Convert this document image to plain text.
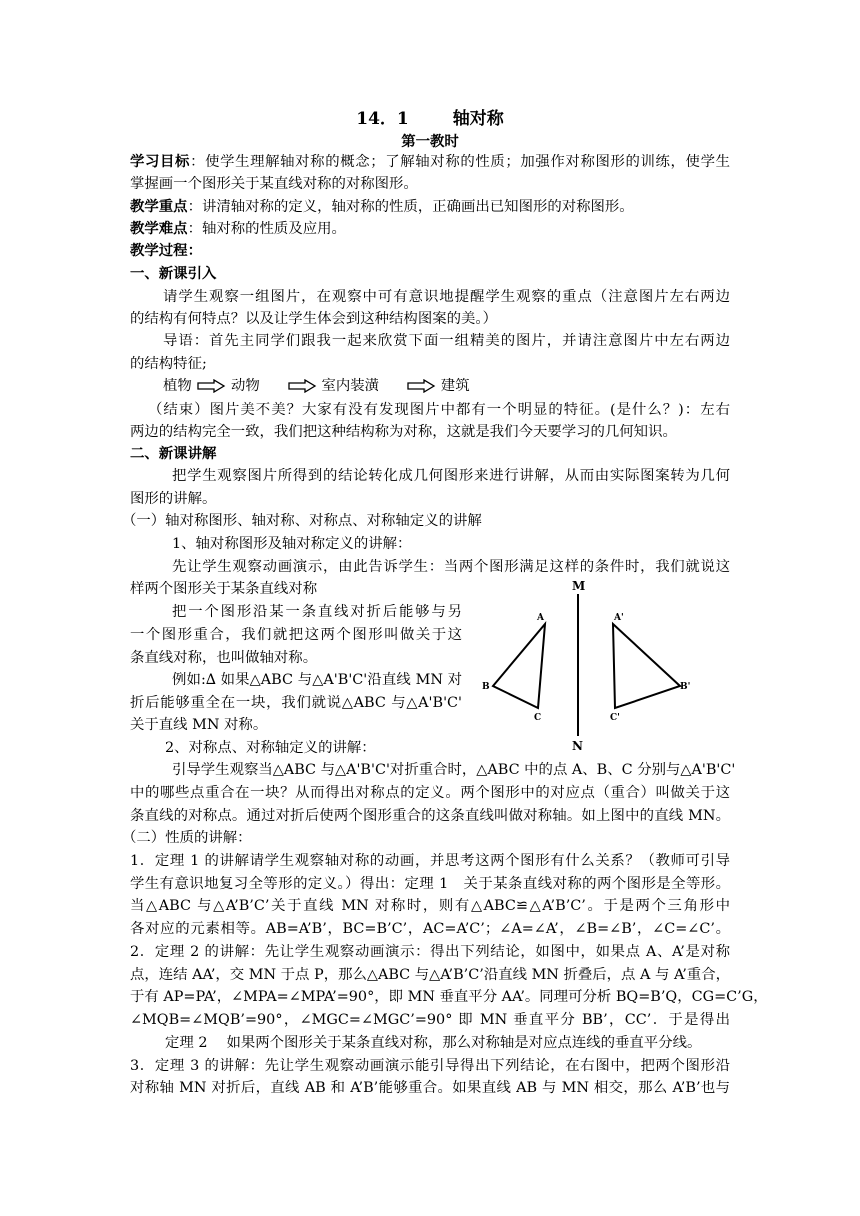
14．1	轴对称
第一教时
学习目标：使学生理解轴对称的概念；了解轴对称的性质；加强作对称图形的训练，使学生
掌握画一个图形关于某直线对称的对称图形。
教学重点：讲清轴对称的定义，轴对称的性质，正确画出已知图形的对称图形。
教学难点：轴对称的性质及应用。
教学过程：
一、新课引入
请学生观察一组图片，在观察中可有意识地提醒学生观察的重点（注意图片左右两边
的结构有何特点？以及让学生体会到这种结构图案的美。）
导语：首先主同学们跟我一起来欣赏下面一组精美的图片，并请注意图片中左右两边
的结构特征;
植物	动物	室内装潢	建筑
（结束）图片美不美？大家有没有发现图片中都有一个明显的特征。(是什么？)：左右
两边的结构完全一致，我们把这种结构称为对称，这就是我们今天要学习的几何知识。
二、新课讲解
把学生观察图片所得到的结论转化成几何图形来进行讲解，从而由实际图案转为几何
图形的讲解。
（一）轴对称图形、轴对称、对称点、对称轴定义的讲解
1、轴对称图形及轴对称定义的讲解：
先让学生观察动画演示，由此告诉学生：当两个图形满足这样的条件时，我们就说这
样两个图形关于某条直线对称
把一个图形沿某一条直线对折后能够与另
一个图形重合，我们就把这两个图形叫做关于这
条直线对称，也叫做轴对称。
例如:∆ 如果△ABC 与△A'B'C'沿直线 MN 对
折后能够重全在一块，我们就说△ABC 与△A'B'C'
关于直线 MN 对称。
2、对称点、对称轴定义的讲解：
引导学生观察当△ABC 与△A'B'C'对折重合时，△ABC 中的点 A、B、C 分别与△A'B'C'
中的哪些点重合在一块？从而得出对称点的定义。两个图形中的对应点（重合）叫做关于这
条直线的对称点。通过对折后使两个图形重合的这条直线叫做对称轴。如上图中的直线 MN。
（二）性质的讲解：
1．定理 1 的讲解请学生观察轴对称的动画，并思考这两个图形有什么关系？（教师可引导
学生有意识地复习全等形的定义。）得出：定理 1　关于某条直线对称的两个图形是全等形。
当△ABC 与△A’B’C’关于直线 MN 对称时，则有△ABC≌△A’B’C’。于是两个三角形中
各对应的元素相等。AB=A’B’，BC=B’C’，AC=A’C’；∠A=∠A’，∠B=∠B’，∠C=∠C’。
2．定理 2 的讲解：先让学生观察动画演示：得出下列结论，如图中，如果点 A、A’是对称
点，连结 AA’，交 MN 于点 P，那么△ABC 与△A’B’C’沿直线 MN 折叠后，点 A 与 A’重合，
于有 AP=PA’，∠MPA=∠MPA’=90°，即 MN 垂直平分 AA’。同理可分析 BQ=B’Q，CG=C’G，
∠MQB=∠MQB’=90°，∠MGC=∠MGC’=90° 即 MN 垂直平分 BB’，CC’．于是得出
定理 2　 如果两个图形关于某条直线对称，那么对称轴是对应点连线的垂直平分线。
3．定理 3 的讲解：先让学生观察动画演示能引导得出下列结论，在右图中，把两个图形沿
对称轴 MN 对折后，直线 AB 和 A’B’能够重合。如果直线 AB 与 MN 相交，那么 A’B’也与
M
N
A
B
C
A'
B'
C'
